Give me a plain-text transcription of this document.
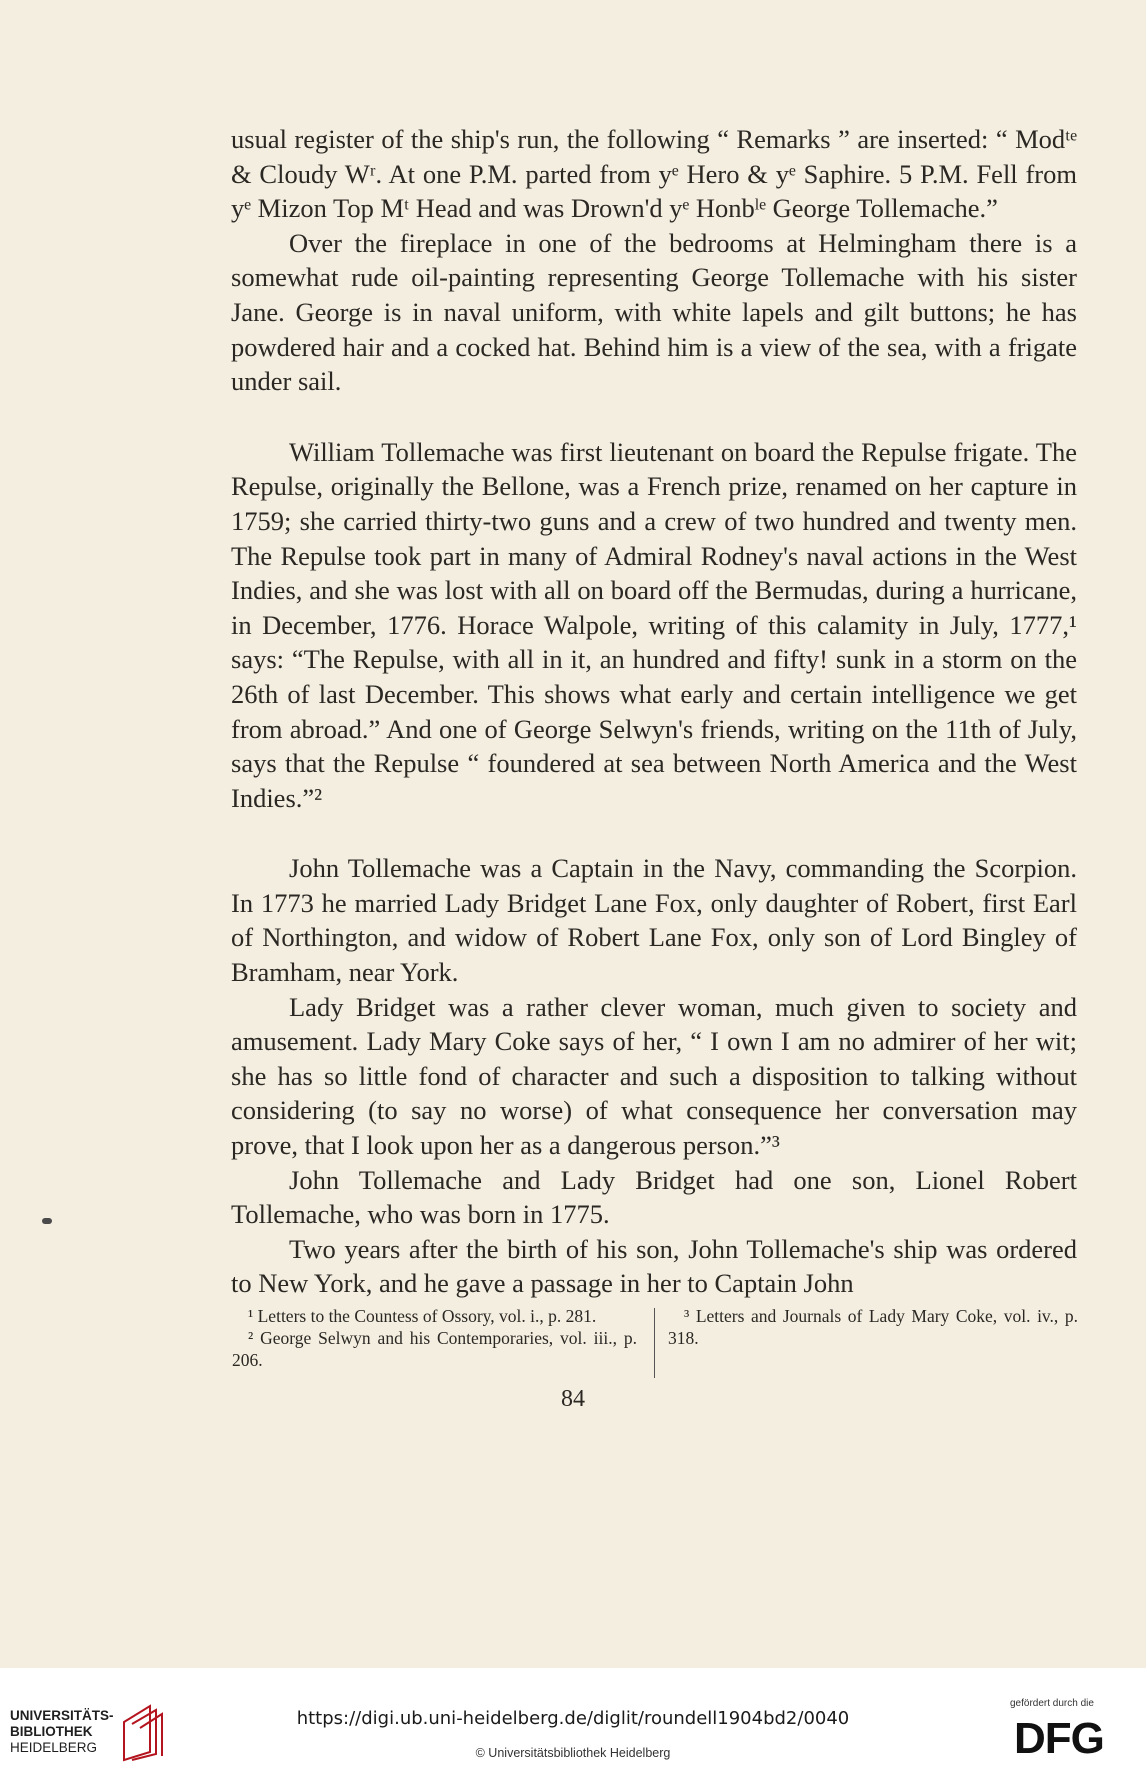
usual register of the ship's run, the following “ Remarks ” are inserted: “ Modᵗᵉ & Cloudy Wʳ. At one P.M. parted from yᵉ Hero & yᵉ Saphire. 5 P.M. Fell from yᵉ Mizon Top Mᵗ Head and was Drown'd yᵉ Honbˡᵉ George Tollemache.”

Over the fireplace in one of the bedrooms at Helmingham there is a somewhat rude oil-painting representing George Tollemache with his sister Jane. George is in naval uniform, with white lapels and gilt buttons; he has powdered hair and a cocked hat. Behind him is a view of the sea, with a frigate under sail.

William Tollemache was first lieutenant on board the Repulse frigate. The Repulse, originally the Bellone, was a French prize, renamed on her capture in 1759; she carried thirty-two guns and a crew of two hundred and twenty men. The Repulse took part in many of Admiral Rodney's naval actions in the West Indies, and she was lost with all on board off the Bermudas, during a hurricane, in December, 1776. Horace Walpole, writing of this calamity in July, 1777,¹ says: “The Repulse, with all in it, an hundred and fifty! sunk in a storm on the 26th of last December. This shows what early and certain intelligence we get from abroad.” And one of George Selwyn's friends, writing on the 11th of July, says that the Repulse “ foundered at sea between North America and the West Indies.”²

John Tollemache was a Captain in the Navy, commanding the Scorpion. In 1773 he married Lady Bridget Lane Fox, only daughter of Robert, first Earl of Northington, and widow of Robert Lane Fox, only son of Lord Bingley of Bramham, near York.

Lady Bridget was a rather clever woman, much given to society and amusement. Lady Mary Coke says of her, “ I own I am no admirer of her wit; she has so little fond of character and such a disposition to talking without considering (to say no worse) of what consequence her conversation may prove, that I look upon her as a dangerous person.”³

John Tollemache and Lady Bridget had one son, Lionel Robert Tollemache, who was born in 1775.

Two years after the birth of his son, John Tollemache's ship was ordered to New York, and he gave a passage in her to Captain John

¹ Letters to the Countess of Ossory, vol. i., p. 281.

² George Selwyn and his Contemporaries, vol. iii., p. 206.

³ Letters and Journals of Lady Mary Coke, vol. iv., p. 318.

84
UNIVERSITÄTS-
BIBLIOTHEK
HEIDELBERG
https://digi.ub.uni-heidelberg.de/diglit/roundell1904bd2/0040
© Universitätsbibliothek Heidelberg
gefördert durch die
DFG
